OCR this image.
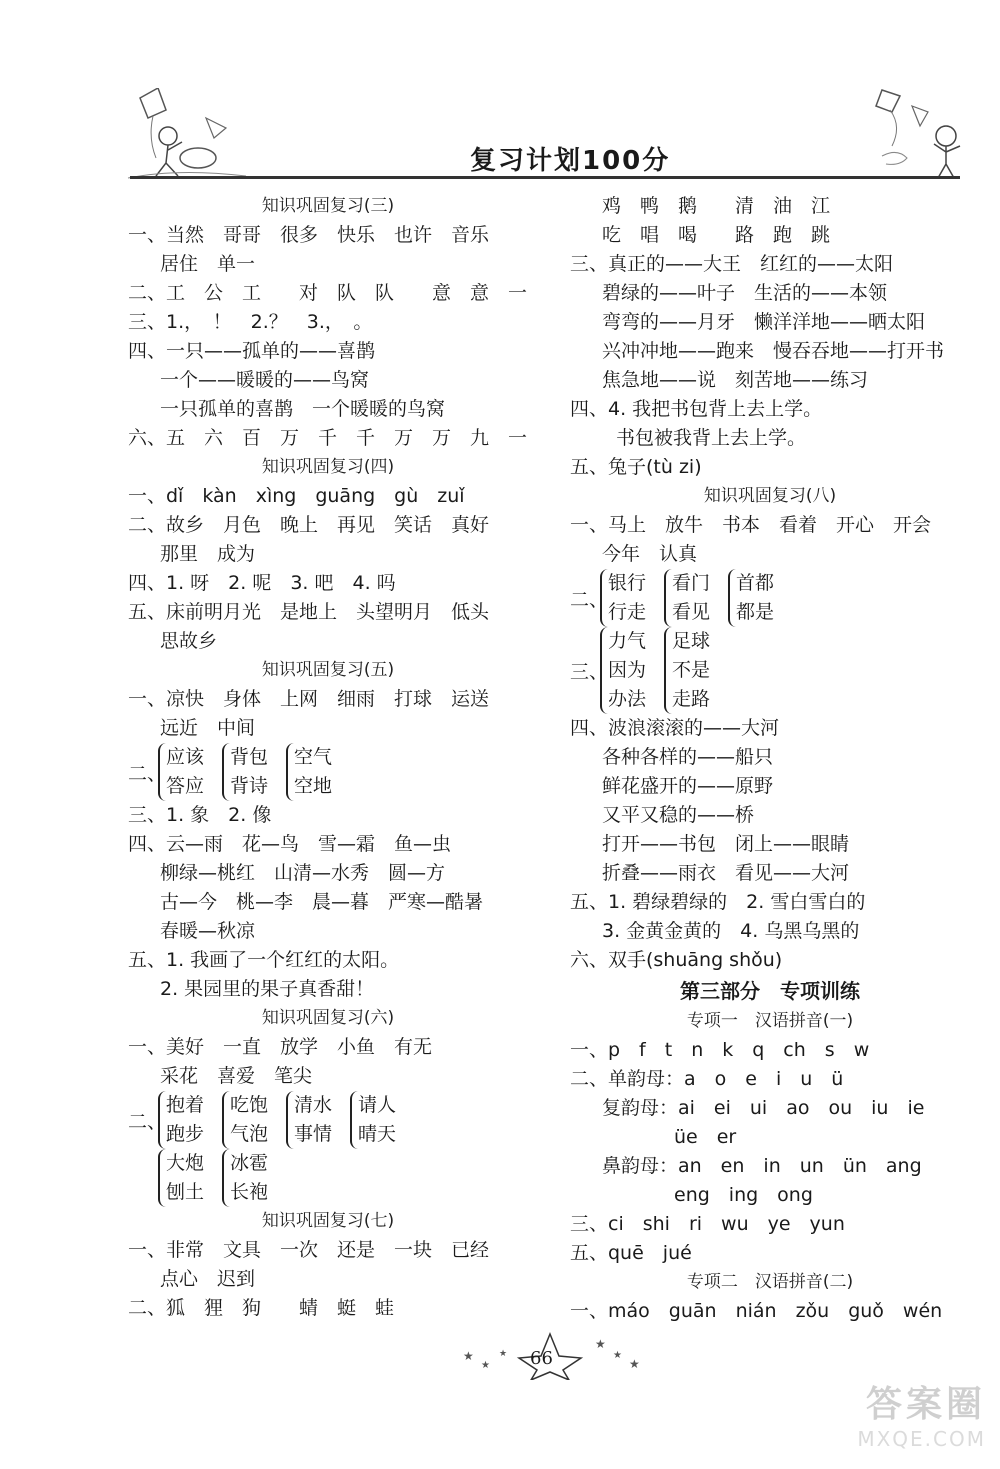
复习计划100分
知识巩固复习(三)
一、当然　哥哥　很多　快乐　也许　音乐
居住　单一
二、工　公　工　　对　队　队　　意　意　一
三、1.，　！　2.？　3.，　。
四、一只——孤单的——喜鹊
一个——暖暖的——鸟窝
一只孤单的喜鹊　一个暖暖的鸟窝
六、五　六　百　万　千　千　万　万　九　一
知识巩固复习(四)
一、dǐ　kàn　xìng　guāng　gù　zuǐ
二、故乡　月色　晚上　再见　笑话　真好
那里　成为
四、1. 呀　2. 呢　3. 吧　4. 吗
五、床前明月光　是地上　头望明月　低头
思故乡
知识巩固复习(五)
一、凉快　身体　上网　细雨　打球　运送
远近　中间
二、
应该
答应
背包
背诗
空气
空地
三、1. 象　2. 像
四、云—雨　花—鸟　雪—霜　鱼—虫
柳绿—桃红　山清—水秀　圆—方
古—今　桃—李　晨—暮　严寒—酷暑
春暖—秋凉
五、1. 我画了一个红红的太阳。
2. 果园里的果子真香甜！
知识巩固复习(六)
一、美好　一直　放学　小鱼　有无
采花　喜爱　笔尖
二、
抱着
跑步
吃饱
气泡
清水
事情
请人
晴天
大炮
刨土
冰雹
长袍
知识巩固复习(七)
一、非常　文具　一次　还是　一块　已经
点心　迟到
二、狐　狸　狗　　蜻　蜓　蛙
鸡　鸭　鹅　　清　油　江
吃　唱　喝　　路　跑　跳
三、真正的——大王　红红的——太阳
碧绿的——叶子　生活的——本领
弯弯的——月牙　懒洋洋地——晒太阳
兴冲冲地——跑来　慢吞吞地——打开书
焦急地——说　刻苦地——练习
四、4. 我把书包背上去上学。
书包被我背上去上学。
五、兔子(tù zi)
知识巩固复习(八)
一、马上　放牛　书本　看着　开心　开会
今年　认真
二、
银行
行走
看门
看见
首都
都是
三、
力气
因为
办法
足球
不是
走路
四、波浪滚滚的——大河
各种各样的——船只
鲜花盛开的——原野
又平又稳的——桥
打开——书包　闭上——眼睛
折叠——雨衣　看见——大河
五、1. 碧绿碧绿的　2. 雪白雪白的
3. 金黄金黄的　4. 乌黑乌黑的
六、双手(shuāng shǒu)
第三部分　专项训练
专项一　汉语拼音(一)
一、p　f　t　n　k　q　ch　s　w
二、单韵母：a　o　e　i　u　ü
复韵母：ai　ei　ui　ao　ou　iu　ie
üe　er
鼻韵母：an　en　in　un　ün　ang
eng　ing　ong
三、ci　shi　ri　wu　ye　yun
五、quē　jué
专项二　汉语拼音(二)
一、máo　guān　nián　zǒu　guǒ　wén
★
★
★
★
★
★
66
答案圈
MXQE.COM
